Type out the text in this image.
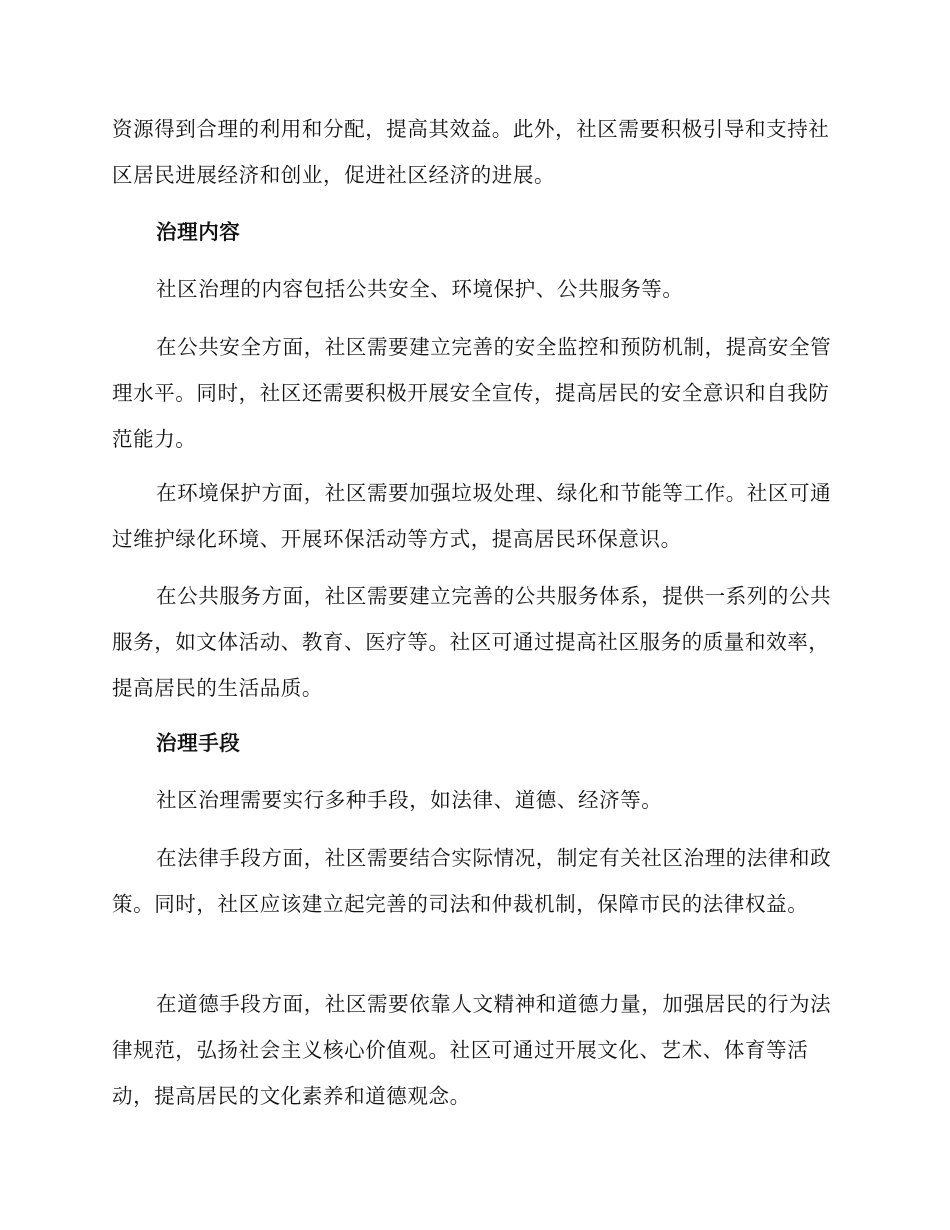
资源得到合理的利用和分配，提高其效益。此外，社区需要积极引导和支持社区居民进展经济和创业，促进社区经济的进展。

治理内容

社区治理的内容包括公共安全、环境保护、公共服务等。

在公共安全方面，社区需要建立完善的安全监控和预防机制，提高安全管理水平。同时，社区还需要积极开展安全宣传，提高居民的安全意识和自我防范能力。

在环境保护方面，社区需要加强垃圾处理、绿化和节能等工作。社区可通过维护绿化环境、开展环保活动等方式，提高居民环保意识。

在公共服务方面，社区需要建立完善的公共服务体系，提供一系列的公共服务，如文体活动、教育、医疗等。社区可通过提高社区服务的质量和效率，提高居民的生活品质。

治理手段

社区治理需要实行多种手段，如法律、道德、经济等。

在法律手段方面，社区需要结合实际情况，制定有关社区治理的法律和政策。同时，社区应该建立起完善的司法和仲裁机制，保障市民的法律权益。

在道德手段方面，社区需要依靠人文精神和道德力量，加强居民的行为法律规范，弘扬社会主义核心价值观。社区可通过开展文化、艺术、体育等活动，提高居民的文化素养和道德观念。
